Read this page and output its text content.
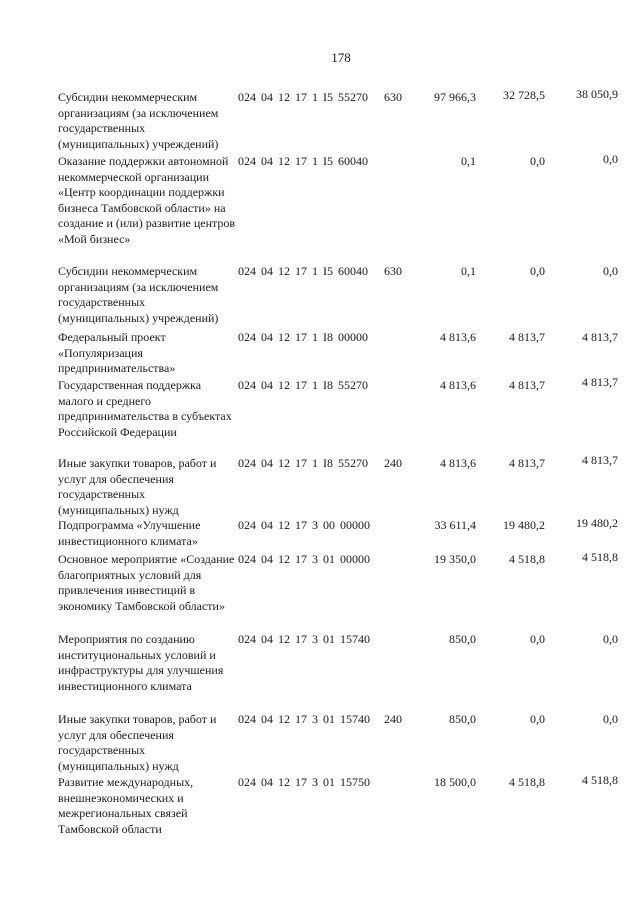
178
Субсидии некоммерческим организациям (за исключением государственных (муниципальных) учреждений)
024 04 12 17 1 I5 55270 630	97 966,3	32 728,5	38 050,9
Оказание поддержки автономной некоммерческой организации «Центр координации поддержки бизнеса Тамбовской области» на создание и (или) развитие центров «Мой бизнес»
024 04 12 17 1 I5 60040	0,1	0,0	0,0
Субсидии некоммерческим организациям (за исключением государственных (муниципальных) учреждений)
024 04 12 17 1 I5 60040 630	0,1	0,0	0,0
Федеральный проект «Популяризация предпринимательства»
024 04 12 17 1 I8 00000	4 813,6	4 813,7	4 813,7
Государственная поддержка малого и среднего предпринимательства в субъектах Российской Федерации
024 04 12 17 1 I8 55270	4 813,6	4 813,7	4 813,7
Иные закупки товаров, работ и услуг для обеспечения государственных (муниципальных) нужд
024 04 12 17 1 I8 55270 240	4 813,6	4 813,7	4 813,7
Подпрограмма «Улучшение инвестиционного климата»
024 04 12 17 3 00 00000	33 611,4	19 480,2	19 480,2
Основное мероприятие «Создание благоприятных условий для привлечения инвестиций в экономику Тамбовской области»
024 04 12 17 3 01 00000	19 350,0	4 518,8	4 518,8
Мероприятия по созданию институциональных условий и инфраструктуры для улучшения инвестиционного климата
024 04 12 17 3 01 15740	850,0	0,0	0,0
Иные закупки товаров, работ и услуг для обеспечения государственных (муниципальных) нужд
024 04 12 17 3 01 15740 240	850,0	0,0	0,0
Развитие международных, внешнеэкономических и межрегиональных связей Тамбовской области
024 04 12 17 3 01 15750	18 500,0	4 518,8	4 518,8
